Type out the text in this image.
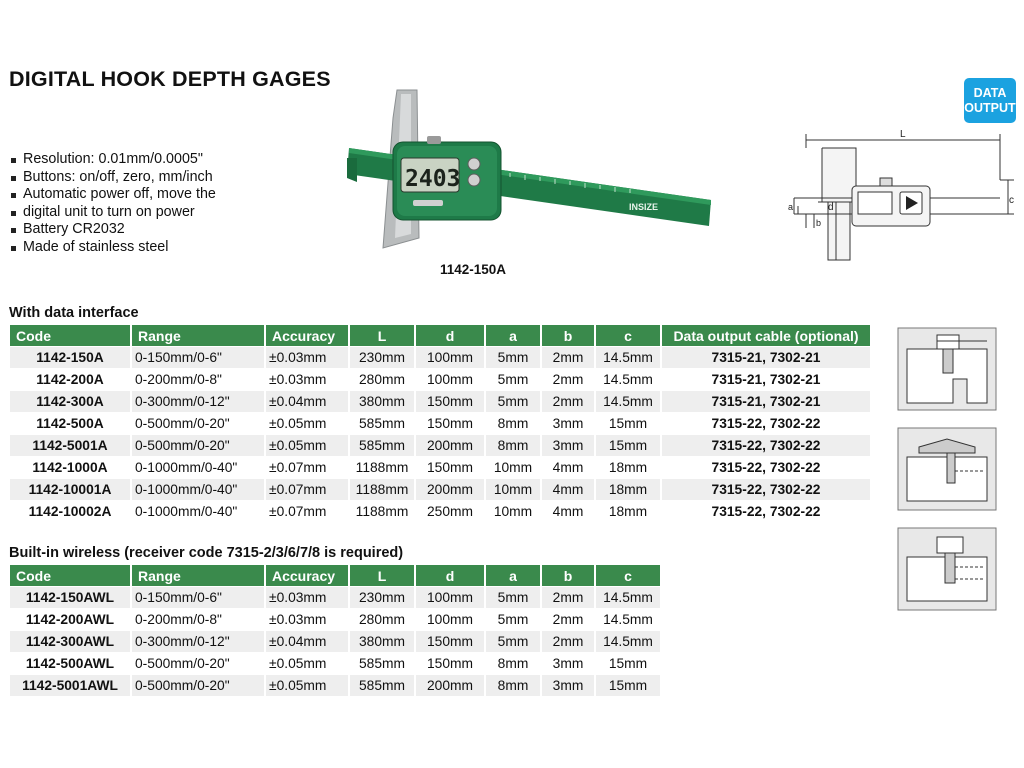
DIGITAL HOOK DEPTH GAGES
Resolution: 0.01mm/0.0005"
Buttons: on/off, zero, mm/inch
Automatic power off, move the
digital unit to turn on power
Battery CR2032
Made of stainless steel
2403
INSIZE
1142-150A
DATA
OUTPUT
L
c
d
a
b
With data interface
Code	Range	Accuracy	L	d	a	b	c	Data output cable (optional)
1142-150A	0-150mm/0-6"	±0.03mm	230mm	100mm	5mm	2mm	14.5mm	7315-21, 7302-21
1142-200A	0-200mm/0-8"	±0.03mm	280mm	100mm	5mm	2mm	14.5mm	7315-21, 7302-21
1142-300A	0-300mm/0-12"	±0.04mm	380mm	150mm	5mm	2mm	14.5mm	7315-21, 7302-21
1142-500A	0-500mm/0-20"	±0.05mm	585mm	150mm	8mm	3mm	15mm	7315-22, 7302-22
1142-5001A	0-500mm/0-20"	±0.05mm	585mm	200mm	8mm	3mm	15mm	7315-22, 7302-22
1142-1000A	0-1000mm/0-40"	±0.07mm	1188mm	150mm	10mm	4mm	18mm	7315-22, 7302-22
1142-10001A	0-1000mm/0-40"	±0.07mm	1188mm	200mm	10mm	4mm	18mm	7315-22, 7302-22
1142-10002A	0-1000mm/0-40"	±0.07mm	1188mm	250mm	10mm	4mm	18mm	7315-22, 7302-22
Built-in wireless (receiver code 7315-2/3/6/7/8 is required)
Code	Range	Accuracy	L	d	a	b	c
1142-150AWL	0-150mm/0-6"	±0.03mm	230mm	100mm	5mm	2mm	14.5mm
1142-200AWL	0-200mm/0-8"	±0.03mm	280mm	100mm	5mm	2mm	14.5mm
1142-300AWL	0-300mm/0-12"	±0.04mm	380mm	150mm	5mm	2mm	14.5mm
1142-500AWL	0-500mm/0-20"	±0.05mm	585mm	150mm	8mm	3mm	15mm
1142-5001AWL	0-500mm/0-20"	±0.05mm	585mm	200mm	8mm	3mm	15mm
